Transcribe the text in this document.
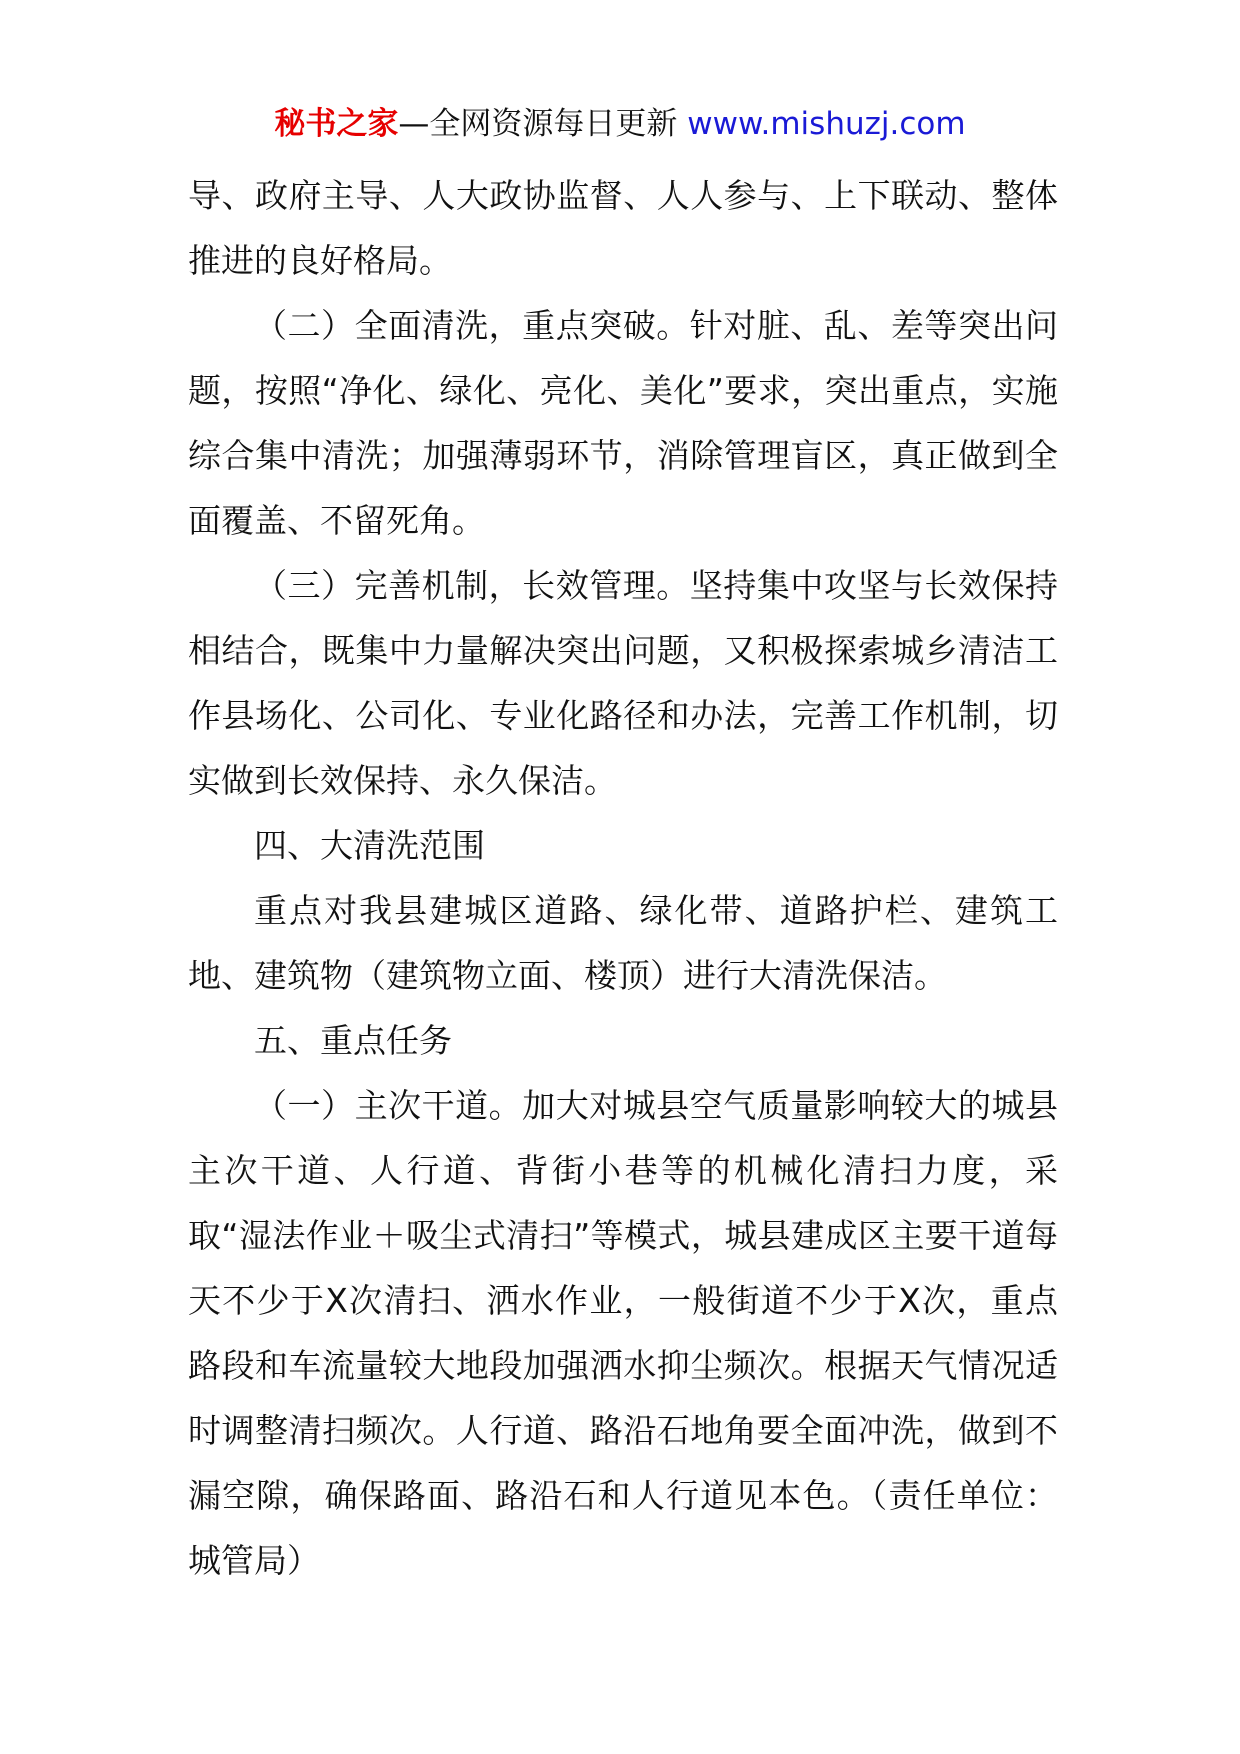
秘书之家—全网资源每日更新 www.mishuzj.com

导、政府主导、人大政协监督、人人参与、上下联动、整体推进的良好格局。

（二）全面清洗，重点突破。针对脏、乱、差等突出问题，按照“净化、绿化、亮化、美化”要求，突出重点，实施综合集中清洗；加强薄弱环节，消除管理盲区，真正做到全面覆盖、不留死角。

（三）完善机制，长效管理。坚持集中攻坚与长效保持相结合，既集中力量解决突出问题，又积极探索城乡清洁工作县场化、公司化、专业化路径和办法，完善工作机制，切实做到长效保持、永久保洁。

四、大清洗范围

重点对我县建城区道路、绿化带、道路护栏、建筑工地、建筑物（建筑物立面、楼顶）进行大清洗保洁。

五、重点任务

（一）主次干道。加大对城县空气质量影响较大的城县主次干道、人行道、背街小巷等的机械化清扫力度，采取“湿法作业＋吸尘式清扫”等模式，城县建成区主要干道每天不少于X次清扫、洒水作业，一般街道不少于X次，重点路段和车流量较大地段加强洒水抑尘频次。根据天气情况适时调整清扫频次。人行道、路沿石地角要全面冲洗，做到不漏空隙，确保路面、路沿石和人行道见本色。（责任单位：城管局）
